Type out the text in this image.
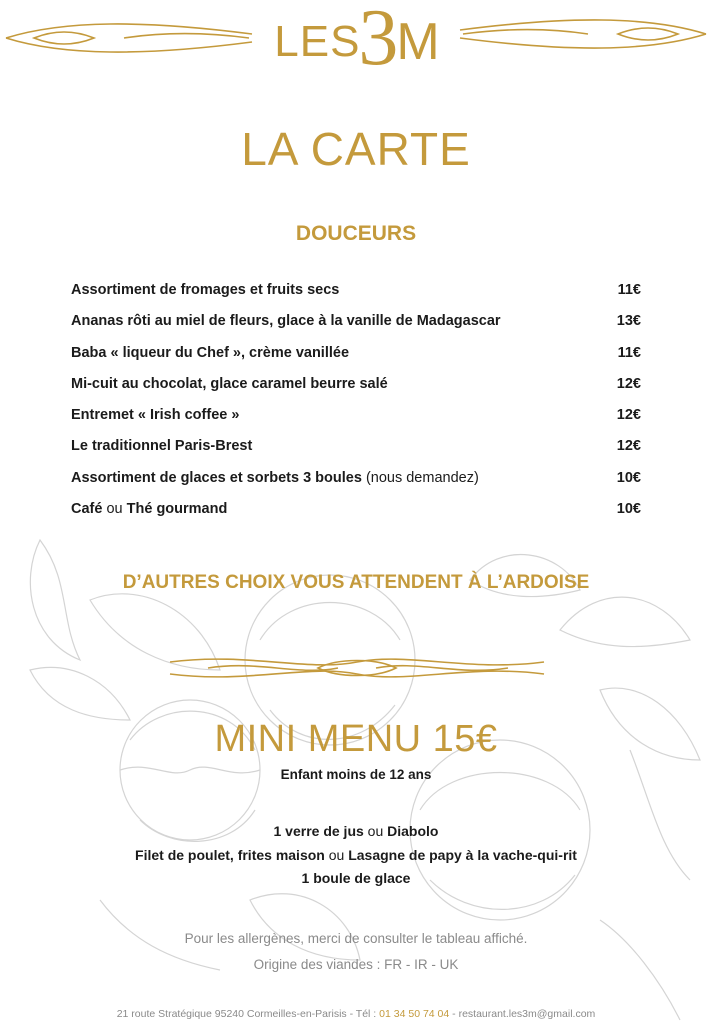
LES
3
M
LA CARTE
DOUCEURS
Assortiment de fromages et fruits secs	11€
Ananas rôti au miel de fleurs, glace à la vanille de Madagascar	13€
Baba « liqueur du Chef », crème vanillée	11€
Mi-cuit au chocolat, glace caramel beurre salé	12€
Entremet « Irish coffee »	12€
Le traditionnel Paris-Brest	12€
Assortiment de glaces et sorbets 3 boules (nous demandez)	10€
Café ou Thé gourmand	10€
D’AUTRES CHOIX VOUS ATTENDENT À L’ARDOISE
MINI MENU 15€
Enfant moins de 12 ans
1 verre de jus ou Diabolo
Filet de poulet, frites maison ou Lasagne de papy à la vache-qui-rit
1 boule de glace
Pour les allergènes, merci de consulter le tableau affiché.
Origine des viandes : FR - IR - UK
21 route Stratégique 95240 Cormeilles-en-Parisis - Tél : 01 34 50 74 04 - restaurant.les3m@gmail.com
